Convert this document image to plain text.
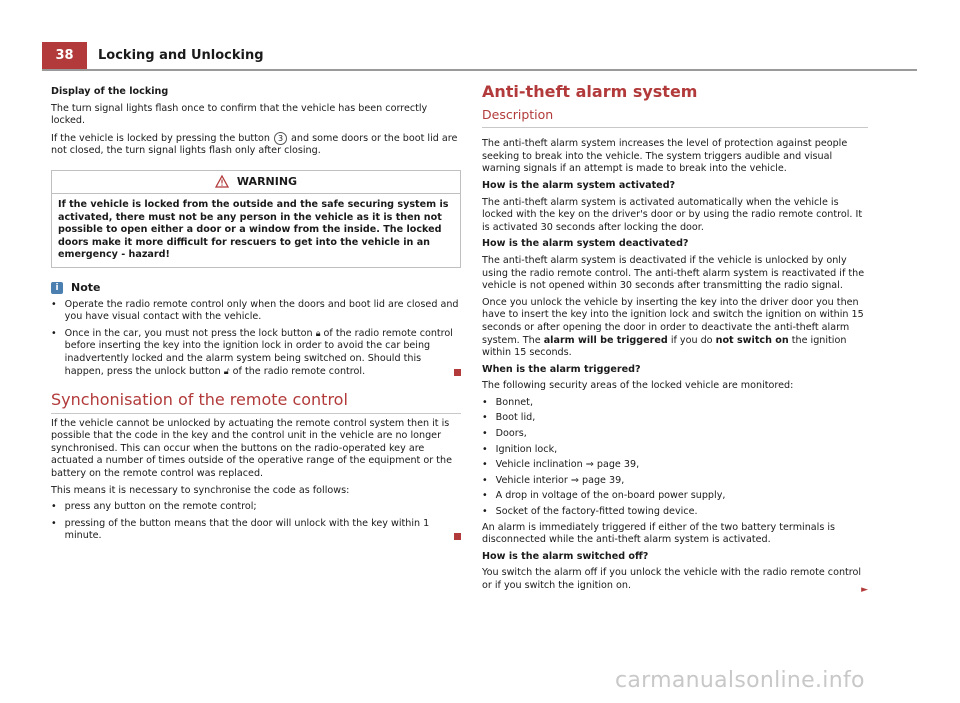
38	Locking and Unlocking

Display of the locking

The turn signal lights flash once to confirm that the vehicle has been correctly locked.

If the vehicle is locked by pressing the button 3 and some doors or the boot lid are not closed, the turn signal lights flash only after closing.

WARNING
If the vehicle is locked from the outside and the safe securing system is activated, there must not be any person in the vehicle as it is then not possible to open either a door or a window from the inside. The locked doors make it more difficult for rescuers to get into the vehicle in an emergency - hazard!
i	Note
• Operate the radio remote control only when the doors and boot lid are closed and you have visual contact with the vehicle.
• Once in the car, you must not press the lock button 🔒︎ of the radio remote control before inserting the key into the ignition lock in order to avoid the car being inadvertently locked and the alarm system being switched on. Should this happen, press the unlock button 🔓︎ of the radio remote control.
Synchonisation of the remote control

If the vehicle cannot be unlocked by actuating the remote control system then it is possible that the code in the key and the control unit in the vehicle are no longer synchronised. This can occur when the buttons on the radio-operated key are actuated a number of times outside of the operative range of the equipment or the battery on the remote control was replaced.

This means it is necessary to synchronise the code as follows:

• press any button on the remote control;
• pressing of the button means that the door will unlock with the key within 1 minute.
Anti-theft alarm system
Description

The anti-theft alarm system increases the level of protection against people seeking to break into the vehicle. The system triggers audible and visual warning signals if an attempt is made to break into the vehicle.

How is the alarm system activated?

The anti-theft alarm system is activated automatically when the vehicle is locked with the key on the driver's door or by using the radio remote control. It is activated 30 seconds after locking the door.

How is the alarm system deactivated?

The anti-theft alarm system is deactivated if the vehicle is unlocked by only using the radio remote control. The anti-theft alarm system is reactivated if the vehicle is not opened within 30 seconds after transmitting the radio signal.

Once you unlock the vehicle by inserting the key into the driver door you then have to insert the key into the ignition lock and switch the ignition on within 15 seconds or after opening the door in order to deactivate the anti-theft alarm system. The alarm will be triggered if you do not switch on the ignition within 15 seconds.

When is the alarm triggered?

The following security areas of the locked vehicle are monitored:

• Bonnet,
• Boot lid,
• Doors,
• Ignition lock,
• Vehicle inclination ⇒ page 39,
• Vehicle interior ⇒ page 39,
• A drop in voltage of the on-board power supply,
• Socket of the factory-fitted towing device.

An alarm is immediately triggered if either of the two battery terminals is disconnected while the anti-theft alarm system is activated.

How is the alarm switched off?

You switch the alarm off if you unlock the vehicle with the radio remote control or if you switch the ignition on.	►

carmanualsonline.info
